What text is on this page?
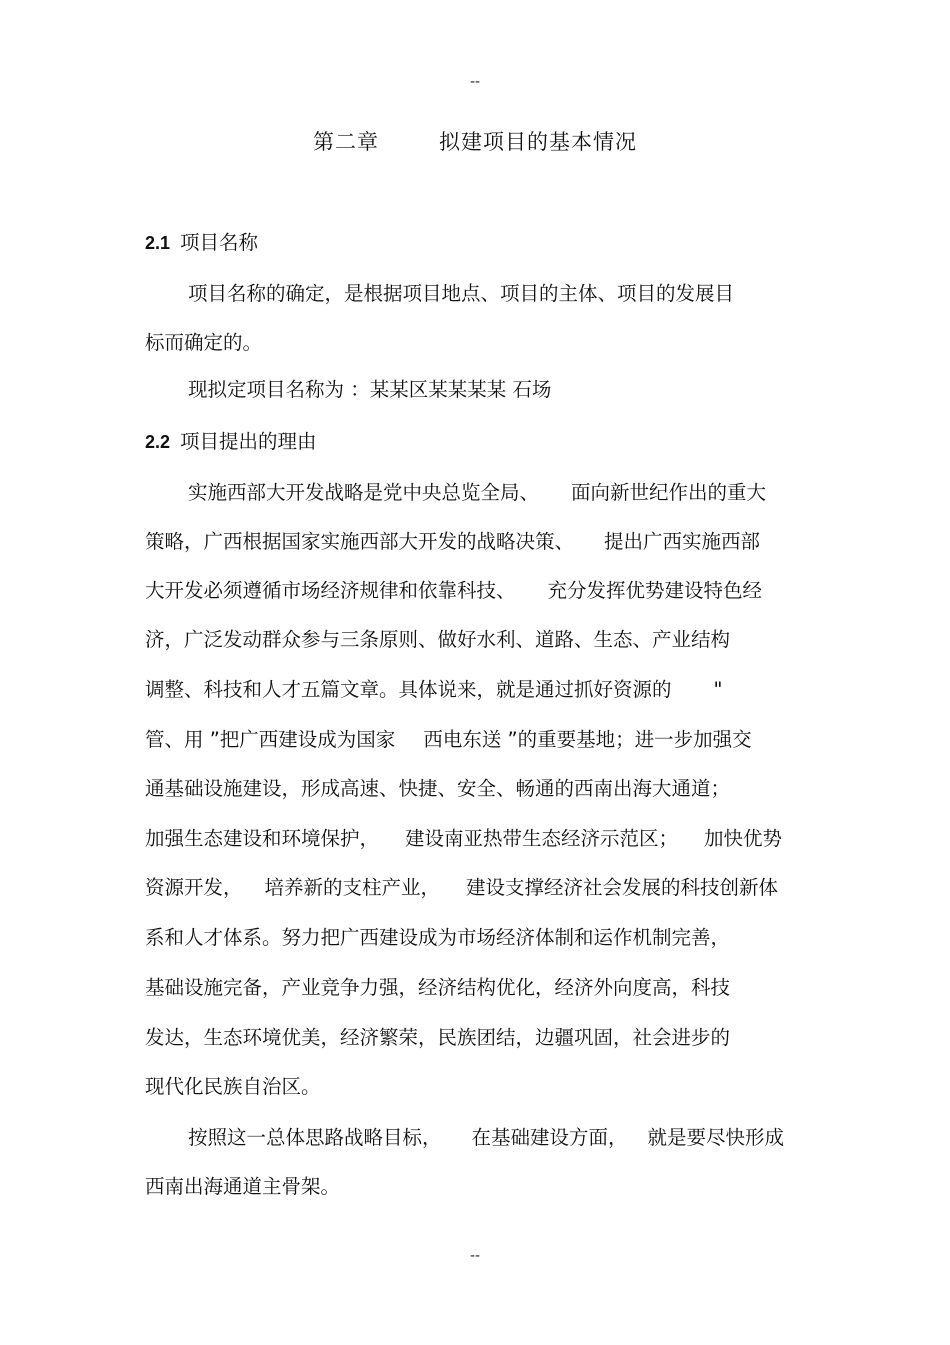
--
第二章	拟建项目的基本情况
2.1 项目名称
项目名称的确定，是根据项目地点、项目的主体、项目的发展目
标而确定的。
现拟定项目名称为 ：某某区某某某某 石场
2.2 项目提出的理由
实施西部大开发战略是党中央总览全局、 面向新世纪作出的重大
策略，广西根据国家实施西部大开发的战略决策、 提出广西实施西部
大开发必须遵循市场经济规律和依靠科技、 充分发挥优势建设特色经
济，广泛发动群众参与三条原则、做好水利、道路、生态、产业结构
调整、科技和人才五篇文章。具体说来，就是通过抓好资源的 "
管、用 ”把广西建设成为国家 西电东送 ”的重要基地；进一步加强交
通基础设施建设，形成高速、快捷、安全、畅通的西南出海大通道；
加强生态建设和环境保护， 建设南亚热带生态经济示范区； 加快优势
资源开发， 培养新的支柱产业， 建设支撑经济社会发展的科技创新体
系和人才体系。努力把广西建设成为市场经济体制和运作机制完善，
基础设施完备，产业竞争力强，经济结构优化，经济外向度高，科技
发达，生态环境优美，经济繁荣，民族团结，边疆巩固，社会进步的
现代化民族自治区。
按照这一总体思路战略目标， 在基础建设方面， 就是要尽快形成
西南出海通道主骨架。
--
